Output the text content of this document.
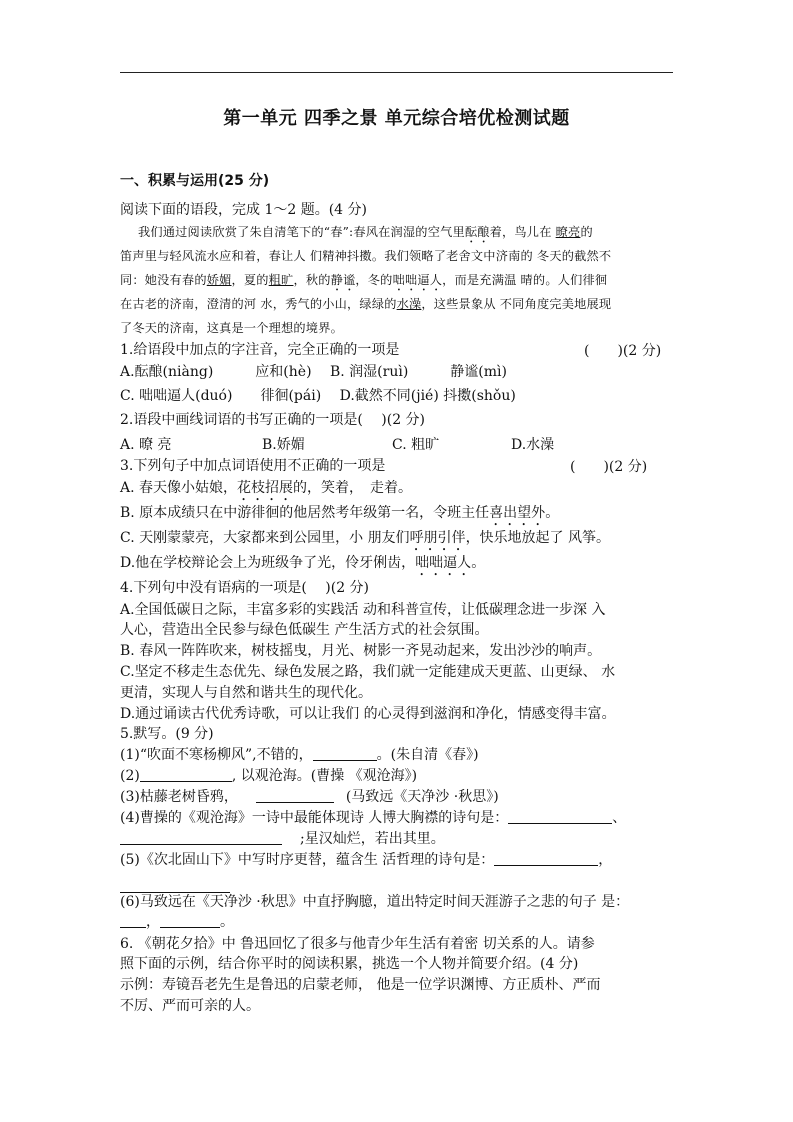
第一单元 四季之景 单元综合培优检测试题
一、积累与运用(25 分)
阅读下面的语段，完成 1～2 题。(4 分)
我们通过阅读欣赏了朱自清笔下的“春”:春风在润湿的空气里酝酿着，鸟儿在 暸亮的
笛声里与轻风流水应和着，春让人 们精神抖擞。我们领略了老舍文中济南的 冬天的截然不
同：她没有春的娇媚，夏的粗旷，秋的静谧，冬的咄咄逼人，而是充满温 晴的。人们徘徊
在古老的济南，澄清的河 水，秀气的小山，绿绿的水澡，这些景象从 不同角度完美地展现
了冬天的济南，这真是一个理想的境界。
1.给语段中加点的字注音，完全正确的一项是	(　　)(2 分)
A.酝酿(niàng)　　　应和(hè)　 B. 润湿(ruì)　　　静谧(mì)
C. 咄咄逼人(duó)　　徘徊(pái)　 D.截然不同(jié) 抖擞(shǒu)
2.语段中画线词语的书写正确的一项是(　 )(2 分)
A. 暸 亮	B.娇媚	C. 粗旷	D.水澡
3.下列句子中加点词语使用不正确的一项是	(　　)(2 分)
A. 春天像小姑娘，花枝招展的，笑着，　走着。
B. 原本成绩只在中游徘徊的他居然考年级第一名，令班主任喜出望外。
C. 天刚蒙蒙亮，大家都来到公园里，小 朋友们呼朋引伴，快乐地放起了 风筝。
D.他在学校辩论会上为班级争了光，伶牙俐齿，咄咄逼人。
4.下列句中没有语病的一项是(　 )(2 分)
A.全国低碳日之际，丰富多彩的实践活 动和科普宣传，让低碳理念进一步深 入
人心，营造出全民参与绿色低碳生 产生活方式的社会氛围。
B. 春风一阵阵吹来，树枝摇曳，月光、树影一齐晃动起来，发出沙沙的响声。
C.坚定不移走生态优先、绿色发展之路，我们就一定能建成天更蓝、山更绿、 水
更清，实现人与自然和谐共生的现代化。
D.通过诵读古代优秀诗歌，可以让我们 的心灵得到滋润和净化，情感变得丰富。
5.默写。(9 分)
(1)“吹面不寒杨柳风”,不错的，	。(朱自清《春》)
(2)	, 以观沧海。(曹操 《观沧海》)
(3)枯藤老树昏鸦，	(马致远《天净沙 ·秋思》)
(4)曹操的《观沧海》一诗中最能体现诗 人博大胸襟的诗句是：	、
;星汉灿烂，若出其里。
(5)《次北固山下》中写时序更替，蕴含生 活哲理的诗句是：	，
(6)马致远在《天净沙 ·秋思》中直抒胸臆，道出特定时间天涯游子之悲的句子 是：
，	。
6. 《朝花夕拾》中 鲁迅回忆了很多与他青少年生活有着密 切关系的人。请参
照下面的示例，结合你平时的阅读积累，挑选一个人物并简要介绍。(4 分)
示例：寿镜吾老先生是鲁迅的启蒙老师， 他是一位学识渊博、方正质朴、严而
不厉、严而可亲的人。
